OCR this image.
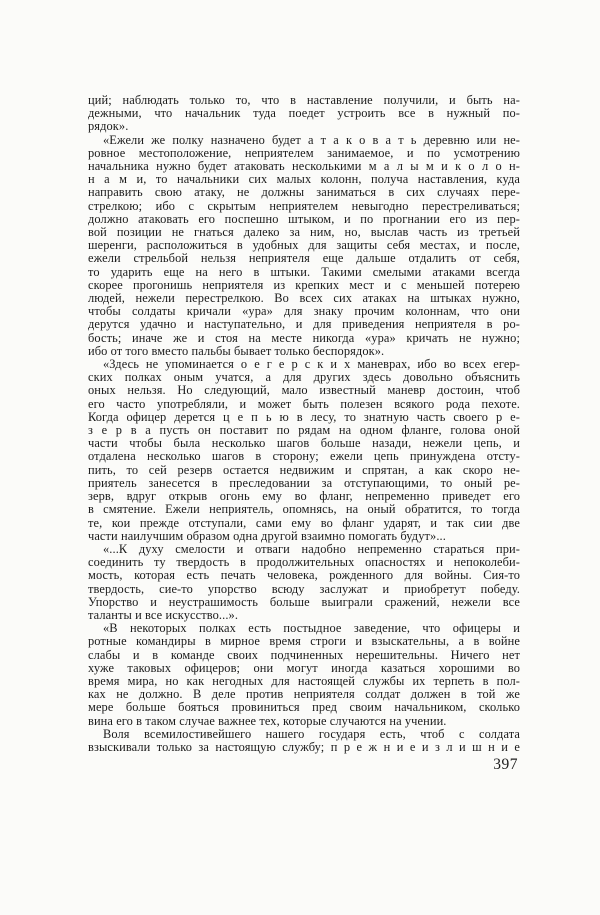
ций; наблюдать только то, что в наставление получили, и быть на-
дежными, что начальник туда поедет устроить все в нужный по-
рядок».
«Ежели же полку назначено будет а т а к о в а т ь деревню или не-
ровное местоположение, неприятелем занимаемое, и по усмотрению
начальника нужно будет атаковать несколькими м а л ы м и к о л о н-
н а м и, то начальники сих малых колонн, получа наставления, куда
направить свою атаку, не должны заниматься в сих случаях пере-
стрелкою; ибо с скрытым неприятелем невыгодно перестреливаться;
должно атаковать его поспешно штыком, и по прогнании его из пер-
вой позиции не гнаться далеко за ним, но, выслав часть из третьей
шеренги, расположиться в удобных для защиты себя местах, и после,
ежели стрельбой нельзя неприятеля еще дальше отдалить от себя,
то ударить еще на него в штыки. Такими смелыми атаками всегда
скорее прогонишь неприятеля из крепких мест и с меньшей потерею
людей, нежели перестрелкою. Во всех сих атаках на штыках нужно,
чтобы солдаты кричали «ура» для знаку прочим колоннам, что они
дерутся удачно и наступательно, и для приведения неприятеля в ро-
бость; иначе же и стоя на месте никогда «ура» кричать не нужно;
ибо от того вместо пальбы бывает только беспорядок».
«Здесь не упоминается о е г е р с к и х маневрах, ибо во всех егер-
ских полках оным учатся, а для других здесь довольно объяснить
оных нельзя. Но следующий, мало известный маневр достоин, чтоб
его часто употребляли, и может быть полезен всякого рода пехоте.
Когда офицер дерется ц е п ь ю в лесу, то знатную часть своего р е-
з е р в а пусть он поставит по рядам на одном фланге, голова оной
части чтобы была несколько шагов больше назади, нежели цепь, и
отдалена несколько шагов в сторону; ежели цепь принуждена отсту-
пить, то сей резерв остается недвижим и спрятан, а как скоро не-
приятель занесется в преследовании за отступающими, то оный ре-
зерв, вдруг открыв огонь ему во фланг, непременно приведет его
в смятение. Ежели неприятель, опомнясь, на оный обратится, то тогда
те, кои прежде отступали, сами ему во фланг ударят, и так сии две
части наилучшим образом одна другой взаимно помогать будут»...
«...К духу смелости и отваги надобно непременно стараться при-
соединить ту твердость в продолжительных опасностях и непоколеби-
мость, которая есть печать человека, рожденного для войны. Сия-то
твердость, сие-то упорство всюду заслужат и приобретут победу.
Упорство и неустрашимость больше выиграли сражений, нежели все
таланты и все искусство...».
«В некоторых полках есть постыдное заведение, что офицеры и
ротные командиры в мирное время строги и взыскательны, а в войне
слабы и в команде своих подчиненных нерешительны. Ничего нет
хуже таковых офицеров; они могут иногда казаться хорошими во
время мира, но как негодных для настоящей службы их терпеть в пол-
ках не должно. В деле против неприятеля солдат должен в той же
мере больше бояться провиниться пред своим начальником, сколько
вина его в таком случае важнее тех, которые случаются на учении.
Воля всемилостивейшего нашего государя есть, чтоб с солдата
взыскивали только за настоящую службу; п р е ж н и е и з л и ш н и е
397
